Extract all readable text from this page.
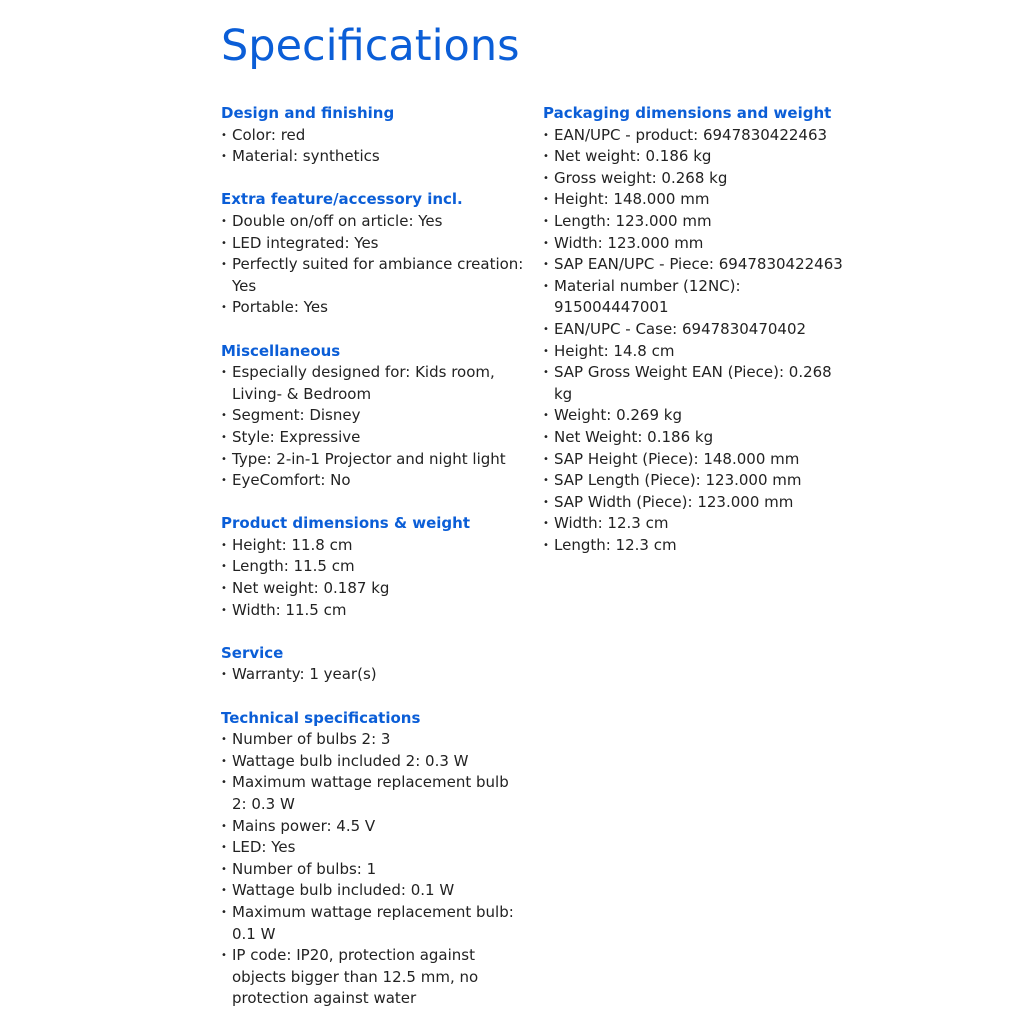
Specifications
Design and finishing
• Color: red
• Material: synthetics
Extra feature/accessory incl.
• Double on/off on article: Yes
• LED integrated: Yes
• Perfectly suited for ambiance creation: Yes
• Portable: Yes
Miscellaneous
• Especially designed for: Kids room, Living- & Bedroom
• Segment: Disney
• Style: Expressive
• Type: 2-in-1 Projector and night light
• EyeComfort: No
Product dimensions & weight
• Height: 11.8 cm
• Length: 11.5 cm
• Net weight: 0.187 kg
• Width: 11.5 cm
Service
• Warranty: 1 year(s)
Technical specifications
• Number of bulbs 2: 3
• Wattage bulb included 2: 0.3 W
• Maximum wattage replacement bulb 2: 0.3 W
• Mains power: 4.5 V
• LED: Yes
• Number of bulbs: 1
• Wattage bulb included: 0.1 W
• Maximum wattage replacement bulb: 0.1 W
• IP code: IP20, protection against objects bigger than 12.5 mm, no protection against water
Packaging dimensions and weight
• EAN/UPC - product: 6947830422463
• Net weight: 0.186 kg
• Gross weight: 0.268 kg
• Height: 148.000 mm
• Length: 123.000 mm
• Width: 123.000 mm
• SAP EAN/UPC - Piece: 6947830422463
• Material number (12NC): 915004447001
• EAN/UPC - Case: 6947830470402
• Height: 14.8 cm
• SAP Gross Weight EAN (Piece): 0.268 kg
• Weight: 0.269 kg
• Net Weight: 0.186 kg
• SAP Height (Piece): 148.000 mm
• SAP Length (Piece): 123.000 mm
• SAP Width (Piece): 123.000 mm
• Width: 12.3 cm
• Length: 12.3 cm
